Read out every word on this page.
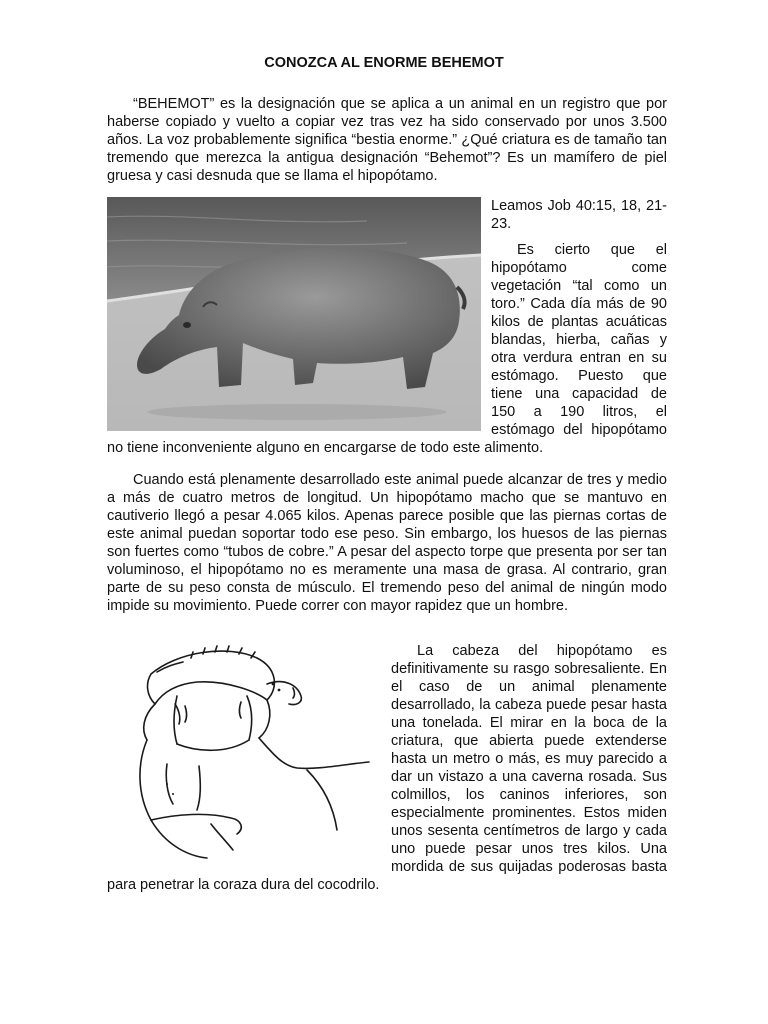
CONOZCA AL ENORME BEHEMOT

“BEHEMOT” es la designación que se aplica a un animal en un registro que por haberse copiado y vuelto a copiar vez tras vez ha sido conservado por unos 3.500 años. La voz probablemente significa “bestia enorme.” ¿Qué criatura es de tamaño tan tremendo que merezca la antigua designación “Behemot”? Es un mamífero de piel gruesa y casi desnuda que se llama el hipopótamo.

Leamos Job 40:15, 18, 21-23.
Es cierto que el hipopótamo come vegetación “tal como un toro.” Cada día más de 90 kilos de plantas acuáticas blandas, hierba, cañas y otra verdura entran en su estómago. Puesto que tiene una capacidad de 150 a 190 litros, el estómago del hipopótamo no tiene inconveniente alguno en encargarse de todo este alimento.

Cuando está plenamente desarrollado este animal puede alcanzar de tres y medio a más de cuatro metros de longitud. Un hipopótamo macho que se mantuvo en cautiverio llegó a pesar 4.065 kilos. Apenas parece posible que las piernas cortas de este animal puedan soportar todo ese peso. Sin embargo, los huesos de las piernas son fuertes como “tubos de cobre.” A pesar del aspecto torpe que presenta por ser tan voluminoso, el hipopótamo no es meramente una masa de grasa. Al contrario, gran parte de su peso consta de músculo. El tremendo peso del animal de ningún modo impide su movimiento. Puede correr con mayor rapidez que un hombre.

La cabeza del hipopótamo es definitivamente su rasgo sobresaliente. En el caso de un animal plenamente desarrollado, la cabeza puede pesar hasta una tonelada. El mirar en la boca de la criatura, que abierta puede extenderse hasta un metro o más, es muy parecido a dar un vistazo a una caverna rosada. Sus colmillos, los caninos inferiores, son especialmente prominentes. Estos miden unos sesenta centímetros de largo y cada uno puede pesar unos tres kilos. Una mordida de sus quijadas poderosas basta para penetrar la coraza dura del cocodrilo.
